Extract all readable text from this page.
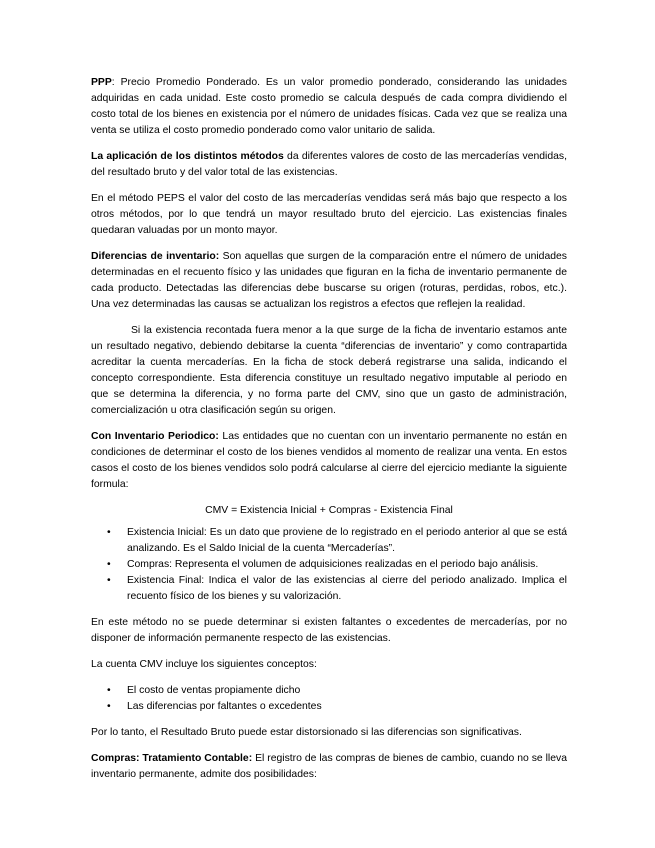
PPP: Precio Promedio Ponderado. Es un valor promedio ponderado, considerando las unidades adquiridas en cada unidad. Este costo promedio se calcula después de cada compra dividiendo el costo total de los bienes en existencia por el número de unidades físicas. Cada vez que se realiza una venta se utiliza el costo promedio ponderado como valor unitario de salida.

La aplicación de los distintos métodos da diferentes valores de costo de las mercaderías vendidas, del resultado bruto y del valor total de las existencias.

En el método PEPS el valor del costo de las mercaderías vendidas será más bajo que respecto a los otros métodos, por lo que tendrá un mayor resultado bruto del ejercicio. Las existencias finales quedaran valuadas por un monto mayor.

Diferencias de inventario: Son aquellas que surgen de la comparación entre el número de unidades determinadas en el recuento físico y las unidades que figuran en la ficha de inventario permanente de cada producto. Detectadas las diferencias debe buscarse su origen (roturas, perdidas, robos, etc.). Una vez determinadas las causas se actualizan los registros a efectos que reflejen la realidad.

Si la existencia recontada fuera menor a la que surge de la ficha de inventario estamos ante un resultado negativo, debiendo debitarse la cuenta “diferencias de inventario” y como contrapartida acreditar la cuenta mercaderías. En la ficha de stock deberá registrarse una salida, indicando el concepto correspondiente. Esta diferencia constituye un resultado negativo imputable al periodo en que se determina la diferencia, y no forma parte del CMV, sino que un gasto de administración, comercialización u otra clasificación según su origen.

Con Inventario Periodico: Las entidades que no cuentan con un inventario permanente no están en condiciones de determinar el costo de los bienes vendidos al momento de realizar una venta. En estos casos el costo de los bienes vendidos solo podrá calcularse al cierre del ejercicio mediante la siguiente formula:

CMV = Existencia Inicial + Compras - Existencia Final

• Existencia Inicial: Es un dato que proviene de lo registrado en el periodo anterior al que se está analizando. Es el Saldo Inicial de la cuenta “Mercaderías”.
• Compras: Representa el volumen de adquisiciones realizadas en el periodo bajo análisis.
• Existencia Final: Indica el valor de las existencias al cierre del periodo analizado. Implica el recuento físico de los bienes y su valorización.

En este método no se puede determinar si existen faltantes o excedentes de mercaderías, por no disponer de información permanente respecto de las existencias.

La cuenta CMV incluye los siguientes conceptos:

• El costo de ventas propiamente dicho
• Las diferencias por faltantes o excedentes

Por lo tanto, el Resultado Bruto puede estar distorsionado si las diferencias son significativas.

Compras: Tratamiento Contable: El registro de las compras de bienes de cambio, cuando no se lleva inventario permanente, admite dos posibilidades:
